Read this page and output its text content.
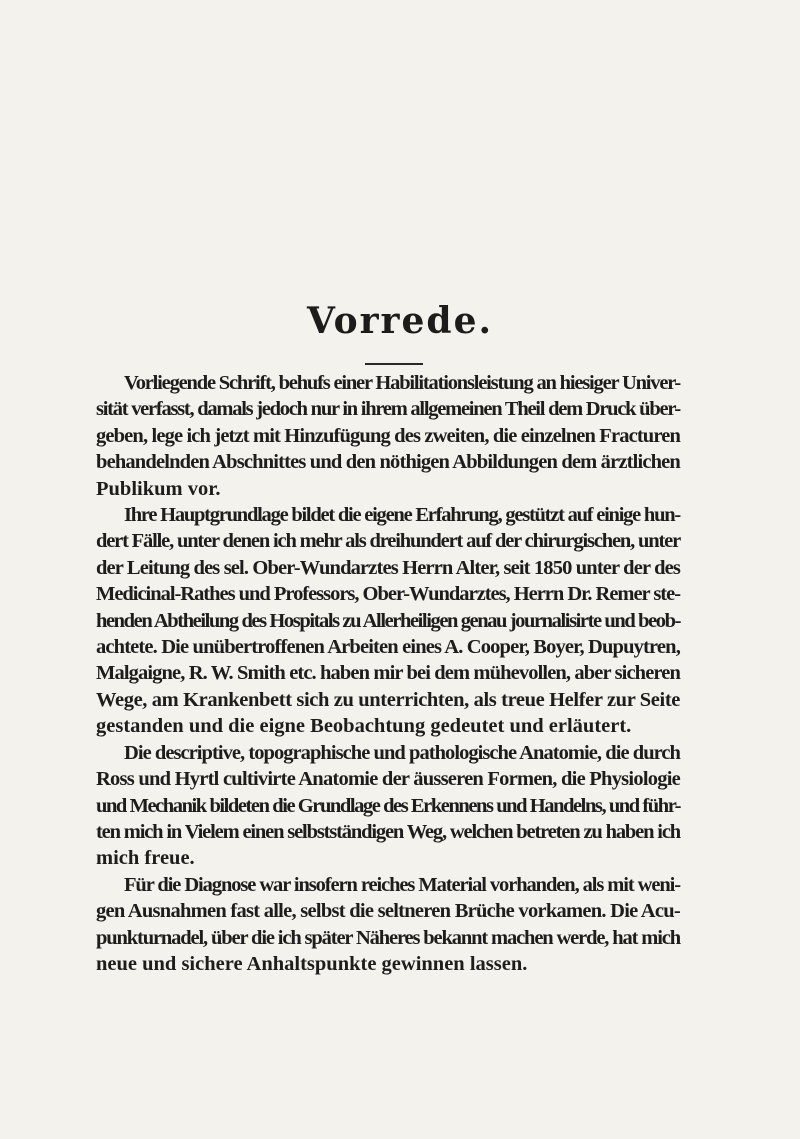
Vorrede.
Vorliegende Schrift, behufs einer Habilitationsleistung an hiesiger Univer-
sität verfasst, damals jedoch nur in ihrem allgemeinen Theil dem Druck über-
geben, lege ich jetzt mit Hinzufügung des zweiten, die einzelnen Fracturen
behandelnden Abschnittes und den nöthigen Abbildungen dem ärztlichen
Publikum vor.
Ihre Hauptgrundlage bildet die eigene Erfahrung, gestützt auf einige hun-
dert Fälle, unter denen ich mehr als dreihundert auf der chirurgischen, unter
der Leitung des sel. Ober-Wundarztes Herrn Alter, seit 1850 unter der des
Medicinal-Rathes und Professors, Ober-Wundarztes, Herrn Dr. Remer ste-
henden Abtheilung des Hospitals zu Allerheiligen genau journalisirte und beob-
achtete. Die unübertroffenen Arbeiten eines A. Cooper, Boyer, Dupuytren,
Malgaigne, R. W. Smith etc. haben mir bei dem mühevollen, aber sicheren
Wege, am Krankenbett sich zu unterrichten, als treue Helfer zur Seite
gestanden und die eigne Beobachtung gedeutet und erläutert.
Die descriptive, topographische und pathologische Anatomie, die durch
Ross und Hyrtl cultivirte Anatomie der äusseren Formen, die Physiologie
und Mechanik bildeten die Grundlage des Erkennens und Handelns, und führ-
ten mich in Vielem einen selbstständigen Weg, welchen betreten zu haben ich
mich freue.
Für die Diagnose war insofern reiches Material vorhanden, als mit weni-
gen Ausnahmen fast alle, selbst die seltneren Brüche vorkamen. Die Acu-
punkturnadel, über die ich später Näheres bekannt machen werde, hat mich
neue und sichere Anhaltspunkte gewinnen lassen.
